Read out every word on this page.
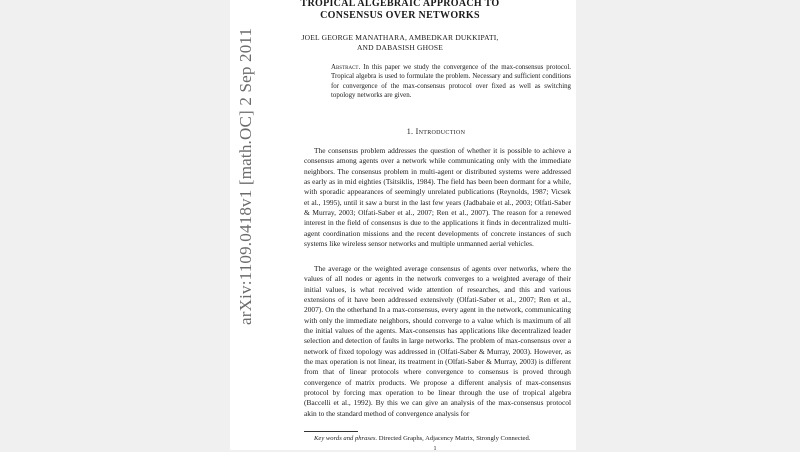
arXiv:1109.0418v1 [math.OC] 2 Sep 2011
TROPICAL ALGEBRAIC APPROACH TO
CONSENSUS OVER NETWORKS
JOEL GEORGE MANATHARA, AMBEDKAR DUKKIPATI,
AND DABASISH GHOSE
Abstract. In this paper we study the convergence of the max-consensus protocol. Tropical algebra is used to formulate the problem. Necessary and sufficient conditions for convergence of the max-consensus protocol over fixed as well as switching topology networks are given.
1. Introduction

The consensus problem addresses the question of whether it is possible to achieve a consensus among agents over a network while communicating only with the immediate neighbors. The consensus problem in multi-agent or distributed systems were addressed as early as in mid eighties (Tsitsiklis, 1984). The field has been been dormant for a while, with sporadic appearances of seemingly unrelated publications (Reynolds, 1987; Vicsek et al., 1995), until it saw a burst in the last few years (Jadbabaie et al., 2003; Olfati-Saber & Murray, 2003; Olfati-Saber et al., 2007; Ren et al., 2007). The reason for a renewed interest in the field of consensus is due to the applications it finds in decentralized multi-agent coordination missions and the recent developments of concrete instances of such systems like wireless sensor networks and multiple unmanned aerial vehicles.

The average or the weighted average consensus of agents over networks, where the values of all nodes or agents in the network converges to a weighted average of their initial values, is what received wide attention of researches, and this and various extensions of it have been addressed extensively (Olfati-Saber et al., 2007; Ren et al., 2007). On the otherhand In a max-consensus, every agent in the network, communicating with only the immediate neighbors, should converge to a value which is maximum of all the initial values of the agents. Max-consensus has applications like decentralized leader selection and detection of faults in large networks. The problem of max-consensus over a network of fixed topology was addressed in (Olfati-Saber & Murray, 2003). However, as the max operation is not linear, its treatment in (Olfati-Saber & Murray, 2003) is different from that of linear protocols where convergence to consensus is proved through convergence of matrix products. We propose a different analysis of max-consensus protocol by forcing max operation to be linear through the use of tropical algebra (Baccelli et al., 1992). By this we can give an analysis of the max-consensus protocol akin to the standard method of convergence analysis for

Key words and phrases. Directed Graphs, Adjacency Matrix, Strongly Connected.
1
